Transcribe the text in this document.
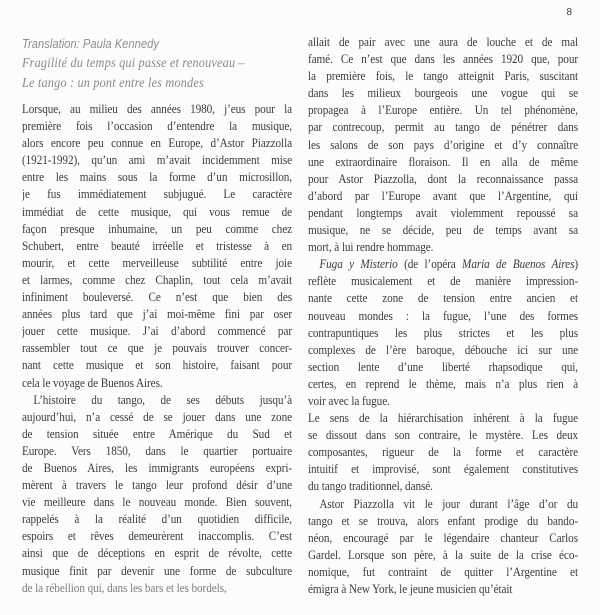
8
Translation: Paula Kennedy
Fragilité du temps qui passe et renouveau –
Le tango : un pont entre les mondes
Lorsque, au milieu des années 1980, j’eus pour la
première fois l’occasion d’entendre la musique,
alors encore peu connue en Europe, d’Astor Piazzolla
(1921-1992), qu’un ami m’avait incidemment mise
entre les mains sous la forme d’un microsillon,
je fus immédiatement subjugué. Le caractère
immédiat de cette musique, qui vous remue de
façon presque inhumaine, un peu comme chez
Schubert, entre beauté irréelle et tristesse à en
mourir, et cette merveilleuse subtilité entre joie
et larmes, comme chez Chaplin, tout cela m’avait
infiniment bouleversé. Ce n’est que bien des
années plus tard que j’ai moi-même fini par oser
jouer cette musique. J’ai d’abord commencé par
rassembler tout ce que je pouvais trouver concer-
nant cette musique et son histoire, faisant pour
cela le voyage de Buenos Aires.
L’histoire du tango, de ses débuts jusqu’à
aujourd’hui, n’a cessé de se jouer dans une zone
de tension située entre Amérique du Sud et
Europe. Vers 1850, dans le quartier portuaire
de Buenos Aires, les immigrants européens expri-
mèrent à travers le tango leur profond désir d’une
vie meilleure dans le nouveau monde. Bien souvent,
rappelés à la réalité d’un quotidien difficile,
espoirs et rêves demeurèrent inaccomplis. C’est
ainsi que de déceptions en esprit de révolte, cette
musique finit par devenir une forme de subculture
de la rébellion qui, dans les bars et les bordels,
allait de pair avec une aura de louche et de mal
famé. Ce n’est que dans les années 1920 que, pour
la première fois, le tango atteignit Paris, suscitant
dans les milieux bourgeois une vogue qui se
propagea à l’Europe entière. Un tel phénomène,
par contrecoup, permit au tango de pénétrer dans
les salons de son pays d’origine et d’y connaître
une extraordinaire floraison. Il en alla de même
pour Astor Piazzolla, dont la reconnaissance passa
d’abord par l’Europe avant que l’Argentine, qui
pendant longtemps avait violemment repoussé sa
musique, ne se décide, peu de temps avant sa
mort, à lui rendre hommage.
Fuga y Misterio (de l’opéra Maria de Buenos Aires)
reflète musicalement et de manière impression-
nante cette zone de tension entre ancien et
nouveau mondes : la fugue, l’une des formes
contrapuntiques les plus strictes et les plus
complexes de l’ère baroque, débouche ici sur une
section lente d’une liberté rhapsodique qui,
certes, en reprend le thème, mais n’a plus rien à
voir avec la fugue.
Le sens de la hiérarchisation inhérent à la fugue
se dissout dans son contraire, le mystère. Les deux
composantes, rigueur de la forme et caractère
intuitif et improvisé, sont également constitutives
du tango traditionnel, dansé.
Astor Piazzolla vit le jour durant l’âge d’or du
tango et se trouva, alors enfant prodige du bando-
néon, encouragé par le légendaire chanteur Carlos
Gardel. Lorsque son père, à la suite de la crise éco-
nomique, fut contraint de quitter l’Argentine et
émigra à New York, le jeune musicien qu’était
